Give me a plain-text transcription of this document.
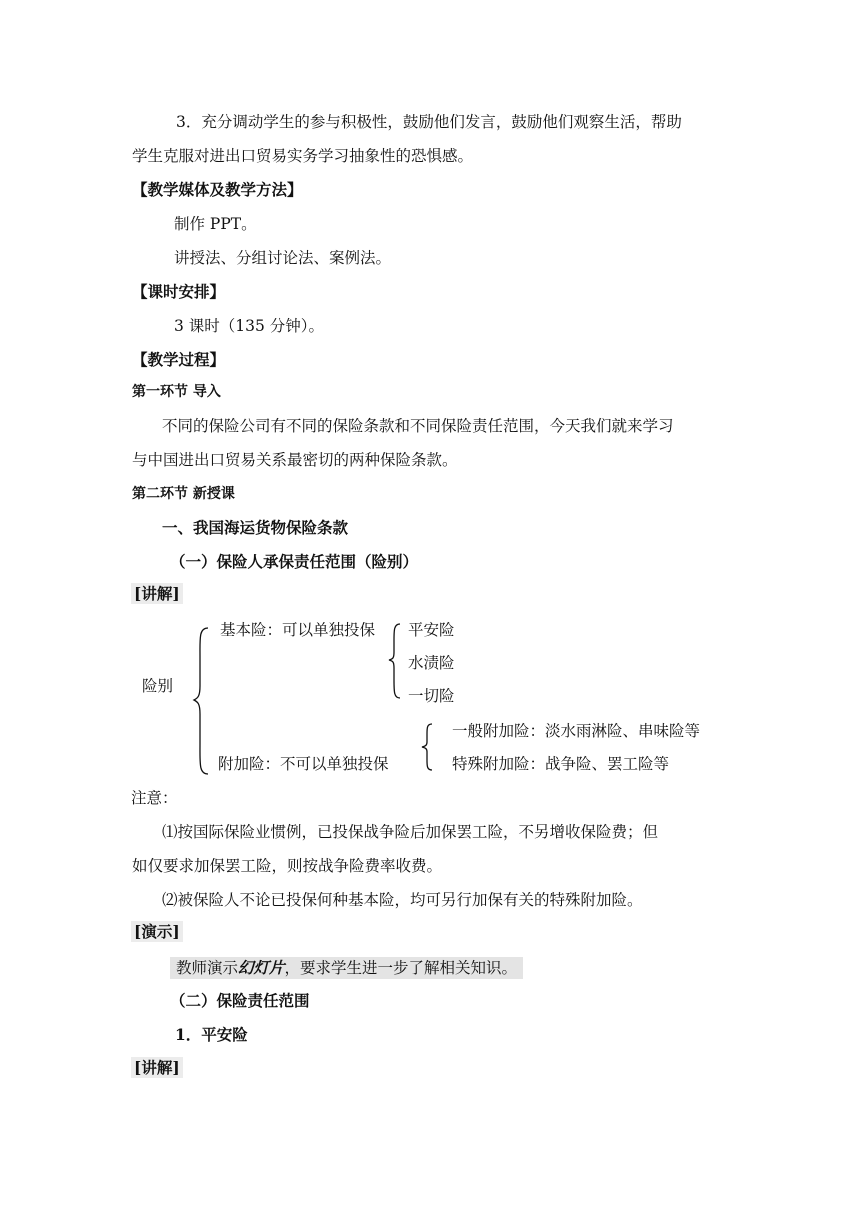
3．充分调动学生的参与积极性，鼓励他们发言，鼓励他们观察生活，帮助
学生克服对进出口贸易实务学习抽象性的恐惧感。
【教学媒体及教学方法】
制作 PPT。
讲授法、分组讨论法、案例法。
【课时安排】
3 课时（135 分钟）。
【教学过程】
第一环节 导入
不同的保险公司有不同的保险条款和不同保险责任范围，今天我们就来学习
与中国进出口贸易关系最密切的两种保险条款。
第二环节 新授课
一、我国海运货物保险条款
（一）保险人承保责任范围（险别）
[讲解]
险别
基本险：可以单独投保 平安险
水渍险
一切险
附加险：不可以单独投保
一般附加险：淡水雨淋险、串味险等
特殊附加险：战争险、罢工险等
注意：
⑴按国际保险业惯例，已投保战争险后加保罢工险，不另增收保险费；但
如仅要求加保罢工险，则按战争险费率收费。
⑵被保险人不论已投保何种基本险，均可另行加保有关的特殊附加险。
[演示]
教师演示幻灯片，要求学生进一步了解相关知识。
（二）保险责任范围
1．平安险
[讲解]
